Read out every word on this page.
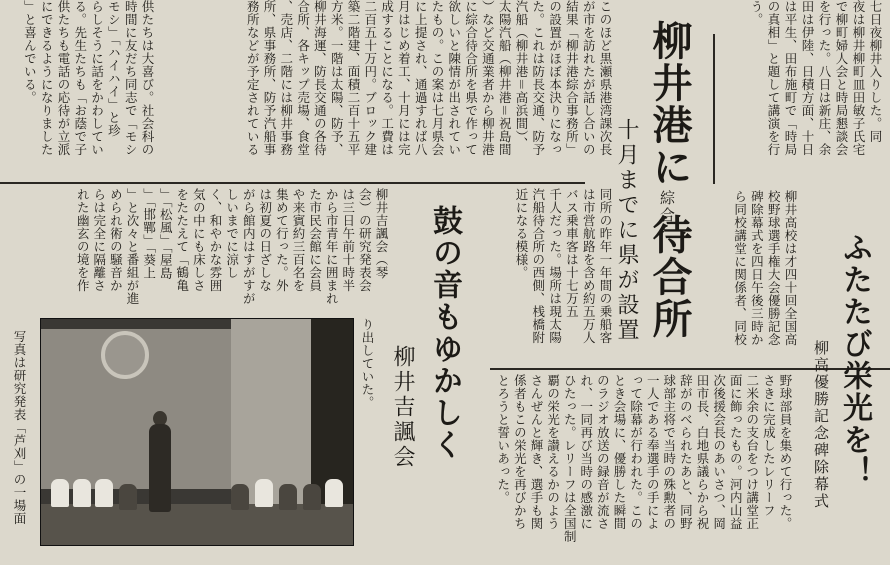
七日夜柳井入りした。同
夜は柳井柳町皿田敏子氏宅
で柳町婦人会と時局懇談会
を行った。八日は新庄、余
田は伊陸、日積方面、十日
は平生、田布施町で「時局
の真相」と題して講演を行
う。
柳井港に
綜合
待合所
十月までに県が設置
このほど黒瀬県港湾課次長
が市を訪れたが話し合いの
結果「柳井港綜合事務所」
の設置がほぼ本決りになっ
た。これは防長交通、防予
汽船（柳井港＝高浜間）、
太陽汽船（柳井港＝祝島間
）など交通業者から柳井港
に綜合待合所を県で作って
欲しいと陳情が出されてい
たもの。この案は七月県会
に上提され、通過すれば八
月はじめ着工、十月には完
成することになる。工費は
二百五十万円。ブロック建
築二階建、面積二百十五平
方米。一階は太陽、防予、
柳井海運、防長交通の各待
合所、各キップ売場、食堂
、売店、二階には柳井事務
所、県事務所、防予汽船事
務所などが予定されている
同所の昨年一年間の乗船客
は市営航路を含め約五万人
バス乗車客は十七万五
千人だった。場所は現太陽
汽船待合所の西側、桟橋附
近になる模様。
供たちは大喜び。社会科の
時間に友だち同志で「モシ
モシ」「ハイハイ」と珍
らしそうに話をかわしてい
る。先生たちも「お蔭で子
供たちも電話の応待が立派
にできるようになりました
」と喜んでいる。
ふたたび栄光を！
柳高優勝記念碑除幕式
柳井高校は才四十回全国高
校野球選手権大会優勝記念
碑除幕式を四日午後三時か
ら同校講堂に関係者、同校
野球部員を集めて行った。
さきに完成したレリーフ
二米余の支台をつけ講堂正
面に飾ったもの。河内山益
次後援会長のあいさつ、岡
田市長、白地県議らから祝
辞がのべられたあと、同野
球部主将で当時の殊勲者の
一人である奉選手の手によ
って除幕が行われた。この
とき会場に、優勝した瞬間
のラジオ放送の録音が流さ
れ、一同再び当時の感激に
ひたった。レリーフは全国制
覇の栄光を讃えるかのよう
さんぜんと輝き、選手も関
係者もこの栄光を再びかち
とろうと誓いあった。
鼓の音もゆかしく
柳井吉諷会
柳井吉諷会（琴
会）の研究発表会
は三日午前十時半
から市青年に囲まれ
た市民会館に会員
や来賓約三百名を
集めて行った。外
は初夏の日ざしな
がら館内はすがすが
しいまでに涼し
く、和やかな雰囲
気の中にも床しさ
をたたえて「鶴亀
」「松風」「屋島
」「邯鄲」「葵上
」と次々と番組が進
められ術の騒音か
らは完全に隔離さ
れた幽玄の境を作
り出していた。
写真は研究発表「芦刈」の一場面
